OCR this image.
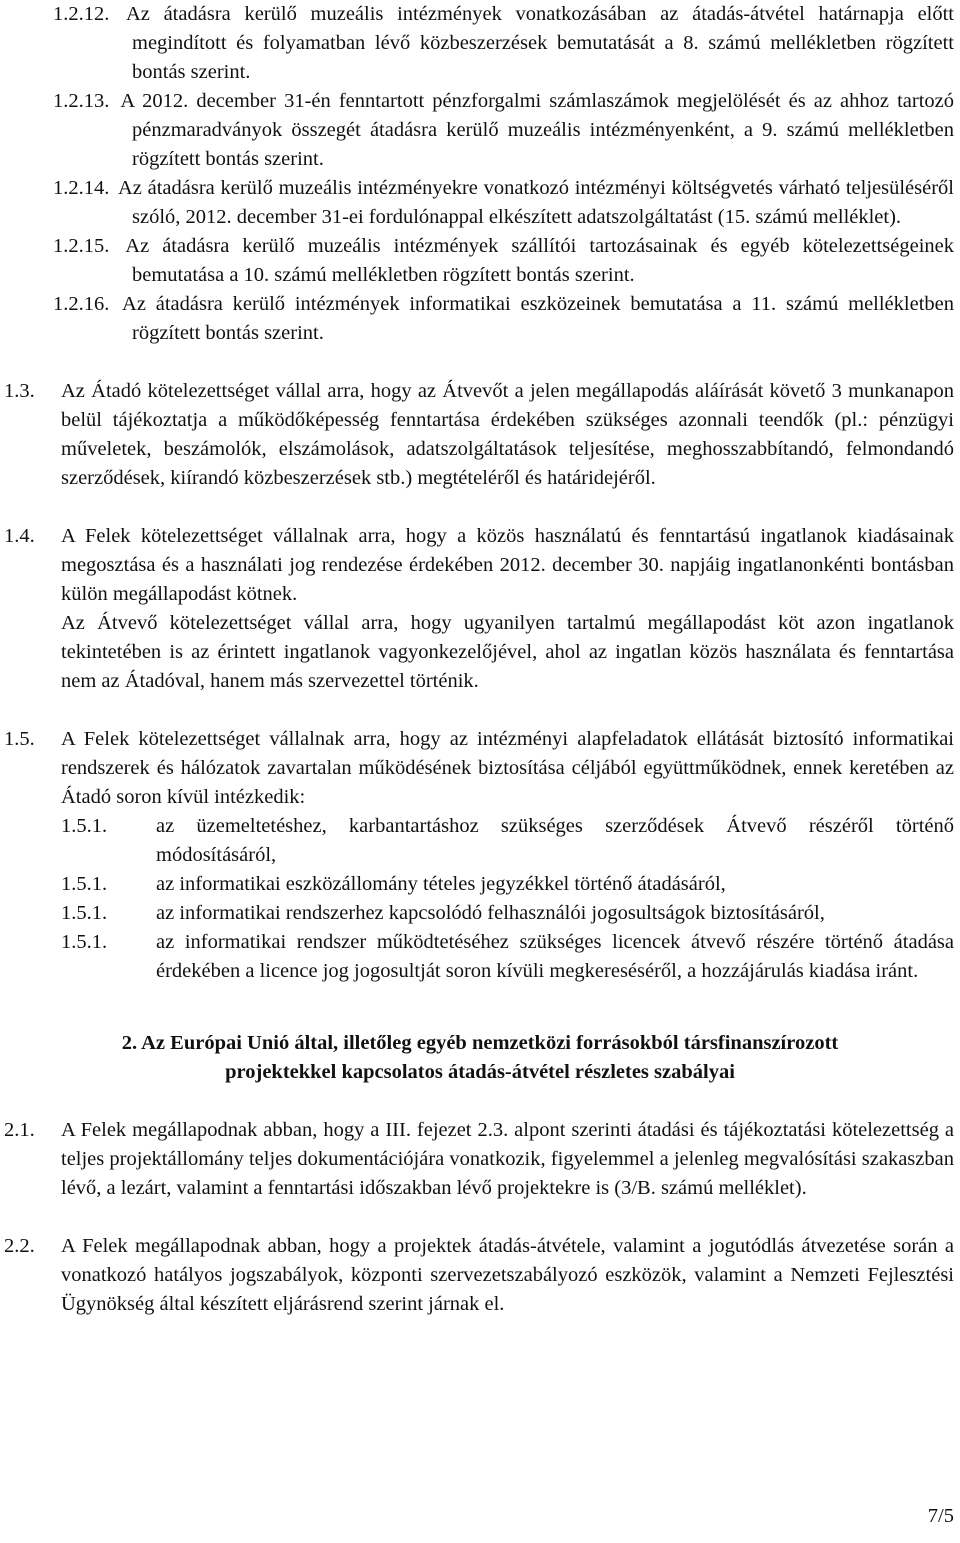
1.2.12. Az átadásra kerülő muzeális intézmények vonatkozásában az átadás-átvétel határnapja előtt megindított és folyamatban lévő közbeszerzések bemutatását a 8. számú mellékletben rögzített bontás szerint.
1.2.13. A 2012. december 31-én fenntartott pénzforgalmi számlaszámok megjelölését és az ahhoz tartozó pénzmaradványok összegét átadásra kerülő muzeális intézményenként, a 9. számú mellékletben rögzített bontás szerint.
1.2.14. Az átadásra kerülő muzeális intézményekre vonatkozó intézményi költségvetés várható teljesüléséről szóló, 2012. december 31-ei fordulónappal elkészített adatszolgáltatást (15. számú melléklet).
1.2.15. Az átadásra kerülő muzeális intézmények szállítói tartozásainak és egyéb kötelezettségeinek bemutatása a 10. számú mellékletben rögzített bontás szerint.
1.2.16. Az átadásra kerülő intézmények informatikai eszközeinek bemutatása a 11. számú mellékletben rögzített bontás szerint.
1.3. Az Átadó kötelezettséget vállal arra, hogy az Átvevőt a jelen megállapodás aláírását követő 3 munkanapon belül tájékoztatja a működőképesség fenntartása érdekében szükséges azonnali teendők (pl.: pénzügyi műveletek, beszámolók, elszámolások, adatszolgáltatások teljesítése, meghosszabbítandó, felmondandó szerződések, kiírandó közbeszerzések stb.) megtételéről és határidejéről.
1.4. A Felek kötelezettséget vállalnak arra, hogy a közös használatú és fenntartású ingatlanok kiadásainak megosztása és a használati jog rendezése érdekében 2012. december 30. napjáig ingatlanonkénti bontásban külön megállapodást kötnek.
Az Átvevő kötelezettséget vállal arra, hogy ugyanilyen tartalmú megállapodást köt azon ingatlanok tekintetében is az érintett ingatlanok vagyonkezelőjével, ahol az ingatlan közös használata és fenntartása nem az Átadóval, hanem más szervezettel történik.
1.5. A Felek kötelezettséget vállalnak arra, hogy az intézményi alapfeladatok ellátását biztosító informatikai rendszerek és hálózatok zavartalan működésének biztosítása céljából együttműködnek, ennek keretében az Átadó soron kívül intézkedik:
1.5.1. az üzemeltetéshez, karbantartáshoz szükséges szerződések Átvevő részéről történő módosításáról,
1.5.1. az informatikai eszközállomány tételes jegyzékkel történő átadásáról,
1.5.1. az informatikai rendszerhez kapcsolódó felhasználói jogosultságok biztosításáról,
1.5.1. az informatikai rendszer működtetéséhez szükséges licencek átvevő részére történő átadása érdekében a licence jog jogosultját soron kívüli megkereséséről, a hozzájárulás kiadása iránt.
2. Az Európai Unió által, illetőleg egyéb nemzetközi forrásokból társfinanszírozott
projektekkel kapcsolatos átadás-átvétel részletes szabályai
2.1. A Felek megállapodnak abban, hogy a III. fejezet 2.3. alpont szerinti átadási és tájékoztatási kötelezettség a teljes projektállomány teljes dokumentációjára vonatkozik, figyelemmel a jelenleg megvalósítási szakaszban lévő, a lezárt, valamint a fenntartási időszakban lévő projektekre is (3/B. számú melléklet).
2.2. A Felek megállapodnak abban, hogy a projektek átadás-átvétele, valamint a jogutódlás átvezetése során a vonatkozó hatályos jogszabályok, központi szervezetszabályozó eszközök, valamint a Nemzeti Fejlesztési Ügynökség által készített eljárásrend szerint járnak el.
7/5
